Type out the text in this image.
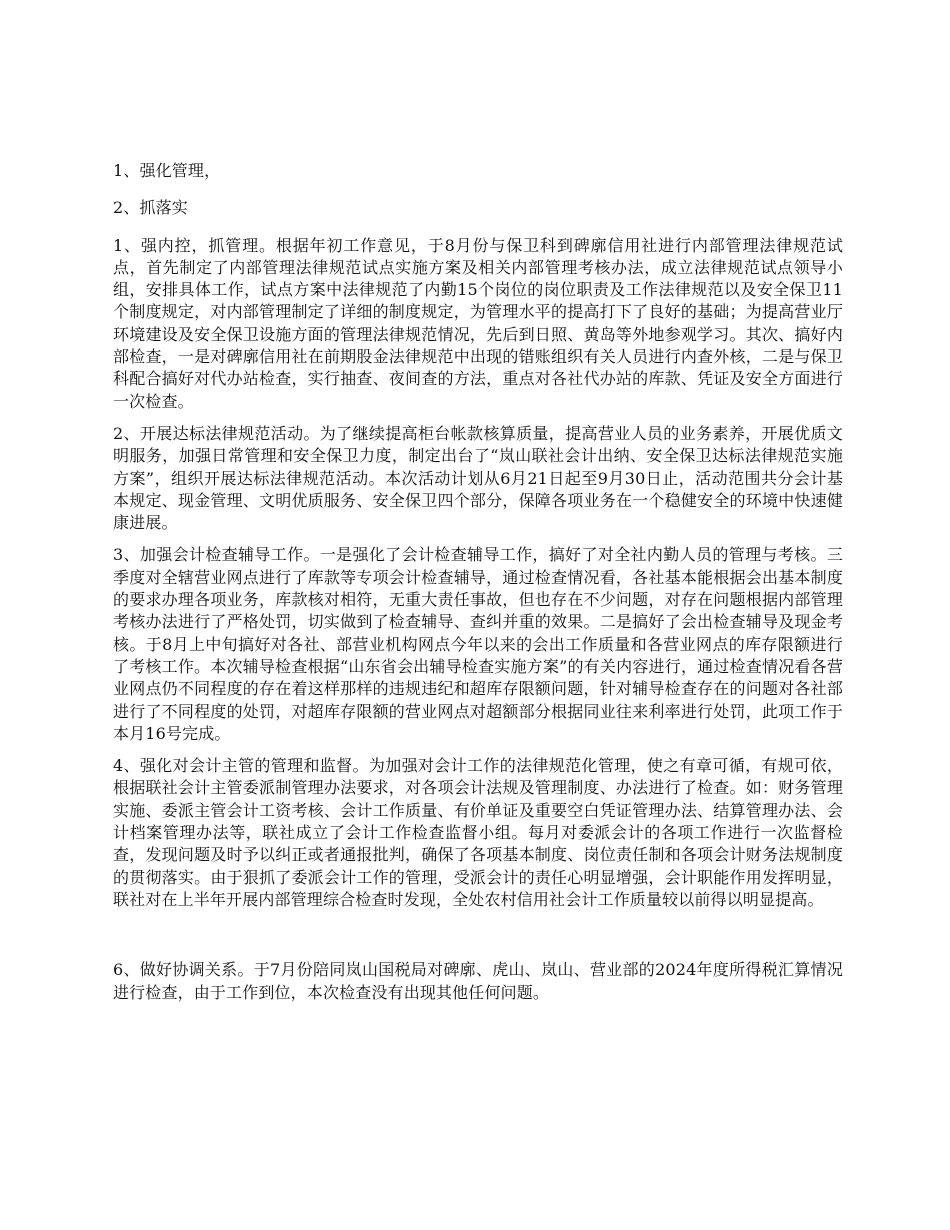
1、强化管理，

2、抓落实

1、强内控，抓管理。根据年初工作意见，于8月份与保卫科到碑廓信用社进行内部管理法律规范试点，首先制定了内部管理法律规范试点实施方案及相关内部管理考核办法，成立法律规范试点领导小组，安排具体工作，试点方案中法律规范了内勤15个岗位的岗位职责及工作法律规范以及安全保卫11个制度规定，对内部管理制定了详细的制度规定，为管理水平的提高打下了良好的基础；为提高营业厅环境建设及安全保卫设施方面的管理法律规范情况，先后到日照、黄岛等外地参观学习。其次、搞好内部检查，一是对碑廓信用社在前期股金法律规范中出现的错账组织有关人员进行内查外核，二是与保卫科配合搞好对代办站检查，实行抽查、夜间查的方法，重点对各社代办站的库款、凭证及安全方面进行一次检查。

2、开展达标法律规范活动。为了继续提高柜台帐款核算质量，提高营业人员的业务素养，开展优质文明服务，加强日常管理和安全保卫力度，制定出台了“岚山联社会计出纳、安全保卫达标法律规范实施方案”，组织开展达标法律规范活动。本次活动计划从6月21日起至9月30日止，活动范围共分会计基本规定、现金管理、文明优质服务、安全保卫四个部分，保障各项业务在一个稳健安全的环境中快速健康进展。

3、加强会计检查辅导工作。一是强化了会计检查辅导工作，搞好了对全社内勤人员的管理与考核。三季度对全辖营业网点进行了库款等专项会计检查辅导，通过检查情况看，各社基本能根据会出基本制度的要求办理各项业务，库款核对相符，无重大责任事故，但也存在不少问题，对存在问题根据内部管理考核办法进行了严格处罚，切实做到了检查辅导、查纠并重的效果。二是搞好了会出检查辅导及现金考核。于8月上中旬搞好对各社、部营业机构网点今年以来的会出工作质量和各营业网点的库存限额进行了考核工作。本次辅导检查根据“山东省会出辅导检查实施方案”的有关内容进行，通过检查情况看各营业网点仍不同程度的存在着这样那样的违规违纪和超库存限额问题，针对辅导检查存在的问题对各社部进行了不同程度的处罚，对超库存限额的营业网点对超额部分根据同业往来利率进行处罚，此项工作于本月16号完成。

4、强化对会计主管的管理和监督。为加强对会计工作的法律规范化管理，使之有章可循，有规可依，根据联社会计主管委派制管理办法要求，对各项会计法规及管理制度、办法进行了检查。如：财务管理实施、委派主管会计工资考核、会计工作质量、有价单证及重要空白凭证管理办法、结算管理办法、会计档案管理办法等，联社成立了会计工作检查监督小组。每月对委派会计的各项工作进行一次监督检查，发现问题及时予以纠正或者通报批判，确保了各项基本制度、岗位责任制和各项会计财务法规制度的贯彻落实。由于狠抓了委派会计工作的管理，受派会计的责任心明显增强，会计职能作用发挥明显，联社对在上半年开展内部管理综合检查时发现，全处农村信用社会计工作质量较以前得以明显提高。

6、做好协调关系。于7月份陪同岚山国税局对碑廓、虎山、岚山、营业部的2024年度所得税汇算情况进行检查，由于工作到位，本次检查没有出现其他任何问题。
